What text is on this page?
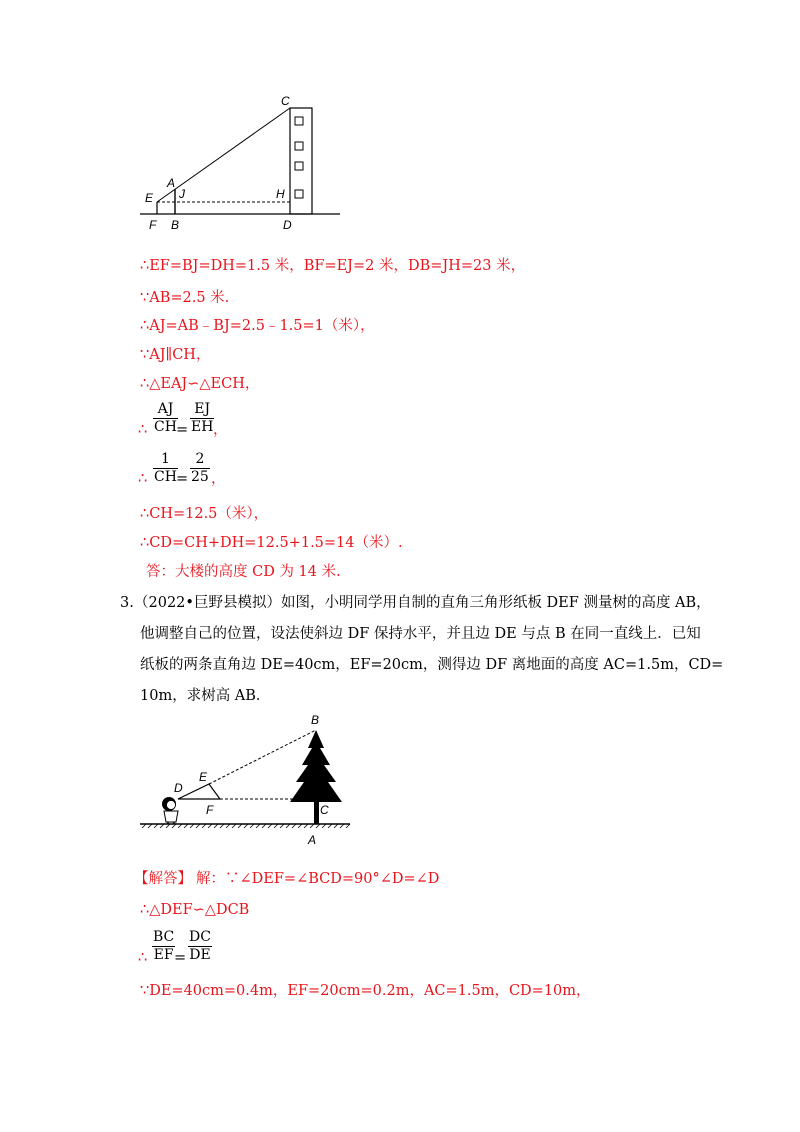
C
A
J
E	H
F B	D
∴EF=BJ=DH=1.5 米，BF=EJ=2 米，DB=JH=23 米，
∵AB=2.5 米.
∴AJ=AB﹣BJ=2.5﹣1.5=1（米），
∵AJ∥CH，
∴△EAJ∽△ECH，
∴ $\frac{AJ}{CH}$
= $\frac{EJ}{EH}$
，
∴ $\frac{1}{CH}$
= $\frac{2}{25}$ ，
∴CH=12.5（米），
∴CD=CH+DH=12.5+1.5=14（米）.
答：大楼的高度 CD 为 14 米.
3. （2022•巨野县模拟）如图，小明同学用自制的直角三角形纸板 DEF 测量树的高度 AB，
他调整自己的位置，设法使斜边 DF 保持水平，并且边 DE 与点 B 在同一直线上．已知
纸板的两条直角边 DE=40cm，EF=20cm，测得边 DF 离地面的高度 AC=1.5m，CD=
10m，求树高 AB．
B
E
D
F	C
A
【解答】 解：∵∠DEF=∠BCD=90°∠D=∠D
∴△DEF∽△DCB
∴ $\frac{BC}{EF}$
= $\frac{DC}{DE}$
∵DE=40cm=0.4m，EF=20cm=0.2m，AC=1.5m，CD=10m，
